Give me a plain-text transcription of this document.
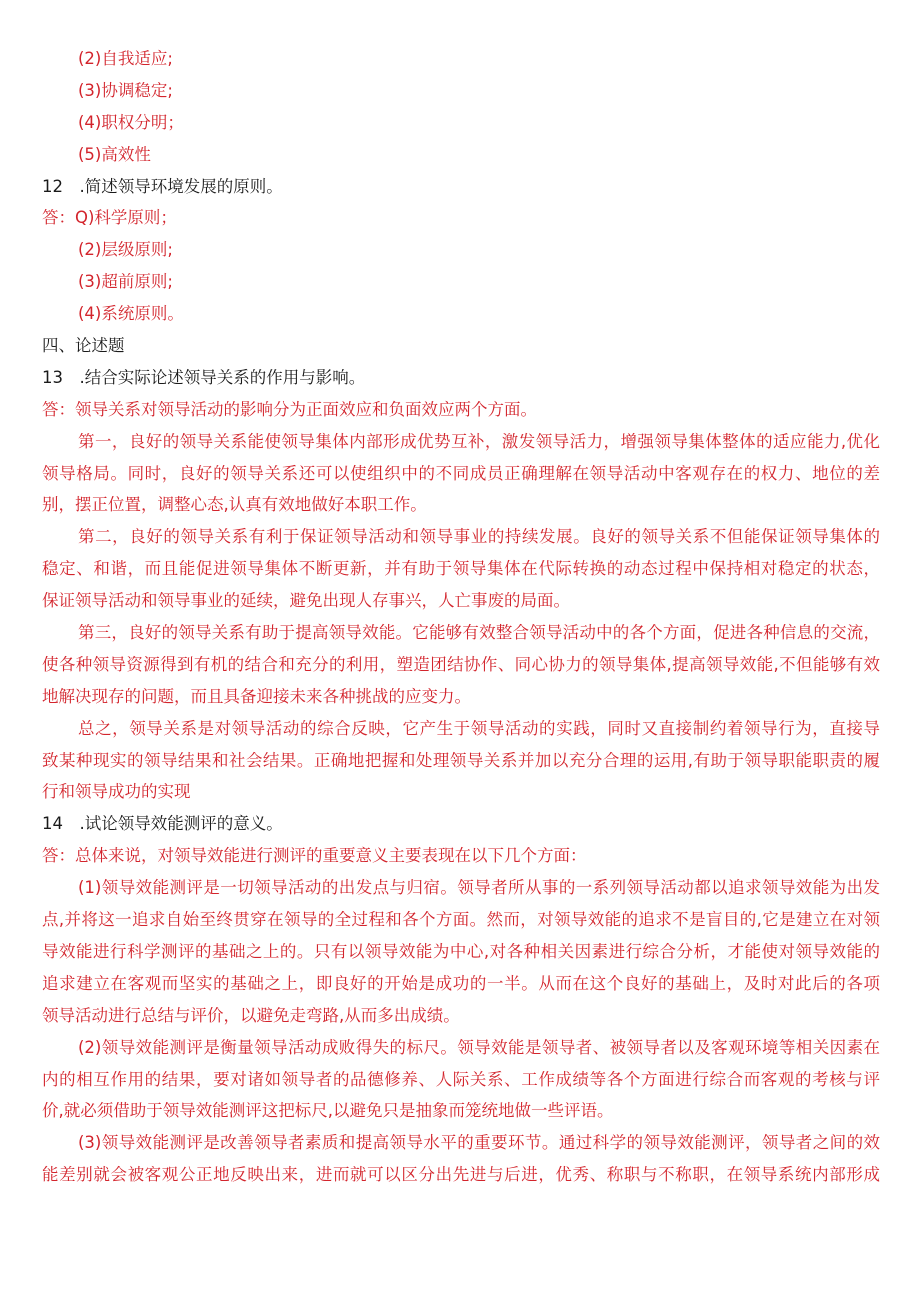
(2)自我适应;
(3)协调稳定;
(4)职权分明；
(5)高效性
12　.简述领导环境发展的原则。
答：Q)科学原则；
(2)层级原则;
(3)超前原则;
(4)系统原则。
四、论述题
13　.结合实际论述领导关系的作用与影响。
答：领导关系对领导活动的影响分为正面效应和负面效应两个方面。
第一，良好的领导关系能使领导集体内部形成优势互补，激发领导活力，增强领导集体整体的适应能力,优化
领导格局。同时，良好的领导关系还可以使组织中的不同成员正确理解在领导活动中客观存在的权力、地位的差
别，摆正位置，调整心态,认真有效地做好本职工作。
第二，良好的领导关系有利于保证领导活动和领导事业的持续发展。良好的领导关系不但能保证领导集体的
稳定、和谐，而且能促进领导集体不断更新，并有助于领导集体在代际转换的动态过程中保持相对稳定的状态，
保证领导活动和领导事业的延续，避免出现人存事兴，人亡事废的局面。
第三，良好的领导关系有助于提高领导效能。它能够有效整合领导活动中的各个方面，促进各种信息的交流，
使各种领导资源得到有机的结合和充分的利用，塑造团结协作、同心协力的领导集体,提高领导效能,不但能够有效
地解决现存的问题，而且具备迎接未来各种挑战的应变力。
总之，领导关系是对领导活动的综合反映，它产生于领导活动的实践，同时又直接制约着领导行为，直接导
致某种现实的领导结果和社会结果。正确地把握和处理领导关系并加以充分合理的运用,有助于领导职能职责的履
行和领导成功的实现
14　.试论领导效能测评的意义。
答：总体来说，对领导效能进行测评的重要意义主要表现在以下几个方面：
(1)领导效能测评是一切领导活动的出发点与归宿。领导者所从事的一系列领导活动都以追求领导效能为出发
点,并将这一追求自始至终贯穿在领导的全过程和各个方面。然而，对领导效能的追求不是盲目的,它是建立在对领
导效能进行科学测评的基础之上的。只有以领导效能为中心,对各种相关因素进行综合分析，才能使对领导效能的
追求建立在客观而坚实的基础之上，即良好的开始是成功的一半。从而在这个良好的基础上，及时对此后的各项
领导活动进行总结与评价，以避免走弯路,从而多出成绩。
(2)领导效能测评是衡量领导活动成败得失的标尺。领导效能是领导者、被领导者以及客观环境等相关因素在
内的相互作用的结果，要对诸如领导者的品德修养、人际关系、工作成绩等各个方面进行综合而客观的考核与评
价,就必须借助于领导效能测评这把标尺,以避免只是抽象而笼统地做一些评语。
(3)领导效能测评是改善领导者素质和提高领导水平的重要环节。通过科学的领导效能测评，领导者之间的效
能差别就会被客观公正地反映出来，进而就可以区分出先进与后进，优秀、称职与不称职，在领导系统内部形成
